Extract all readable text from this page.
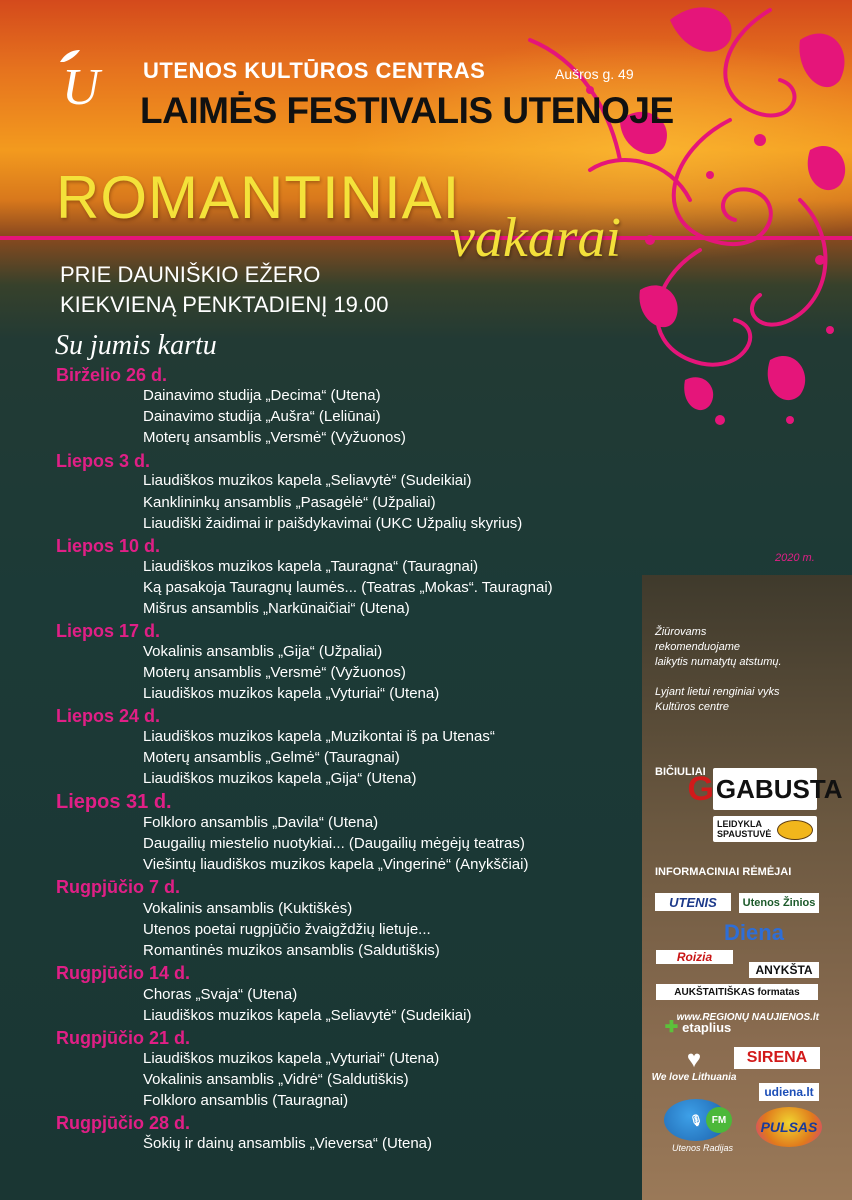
U UTENOS KULTŪROS CENTRAS	Aušros g. 49
LAIMĖS FESTIVALIS UTENOJE
ROMANTINIAI
vakarai
PRIE DAUNIŠKIO EŽERO
KIEKVIENĄ PENKTADIENĮ 19.00
Su jumis kartu
Birželio 26 d.
Dainavimo studija „Decima“ (Utena)
Dainavimo studija „Aušra“ (Leliūnai)
Moterų ansamblis „Versmė“ (Vyžuonos)
Liepos 3 d.
Liaudiškos muzikos kapela „Seliavytė“ (Sudeikiai)
Kanklininkų ansamblis „Pasagėlė“ (Užpaliai)
Liaudiški žaidimai ir paišdykavimai (UKC Užpalių skyrius)
Liepos 10 d.
Liaudiškos muzikos kapela „Tauragna“ (Tauragnai)
Ką pasakoja Tauragnų laumės... (Teatras „Mokas“. Tauragnai)
Mišrus ansamblis „Narkūnaičiai“ (Utena)
Liepos 17 d.
Vokalinis ansamblis „Gija“ (Užpaliai)
Moterų ansamblis „Versmė“ (Vyžuonos)
Liaudiškos muzikos kapela „Vyturiai“ (Utena)
Liepos 24 d.
Liaudiškos muzikos kapela „Muzikontai iš pa Utenas“
Moterų ansamblis „Gelmė“ (Tauragnai)
Liaudiškos muzikos kapela „Gija“ (Utena)
Liepos 31 d.
Folkloro ansamblis „Davila“ (Utena)
Daugailių miestelio nuotykiai... (Daugailių mėgėjų teatras)
Viešintų liaudiškos muzikos kapela „Vingerinė“ (Anykščiai)
Rugpjūčio 7 d.
Vokalinis ansamblis (Kuktiškės)
Utenos poetai rugpjūčio žvaigždžių lietuje...
Romantinės muzikos ansamblis (Saldutiškis)
Rugpjūčio 14 d.
Choras „Svaja“ (Utena)
Liaudiškos muzikos kapela „Seliavytė“ (Sudeikiai)
Rugpjūčio 21 d.
Liaudiškos muzikos kapela „Vyturiai“ (Utena)
Vokalinis ansamblis „Vidrė“ (Saldutiškis)
Folkloro ansamblis (Tauragnai)
Rugpjūčio 28 d.
Šokių ir dainų ansamblis „Vieversa“ (Utena)
2020 m.
Žiūrovams
rekomenduojame
laikytis numatytų atstumų.
Lyjant lietui renginiai vyks
Kultūros centre
BIČIULIAI
G GABUSTA
LEIDYKLA SPAUSTUVĖ
INFORMACINIAI RĖMĖJAI
UTENIS	Utenos Žinios
Diena
Roizia
ANYKŠTA
AUKŠTAITIŠKAS formatas
www.REGIONŲ NAUJIENOS.lt
✚ etaplius
♥
We love Lithuania
SIRENA
udiena.lt
🎙 FM
Utenos Radijas
PULSAS
